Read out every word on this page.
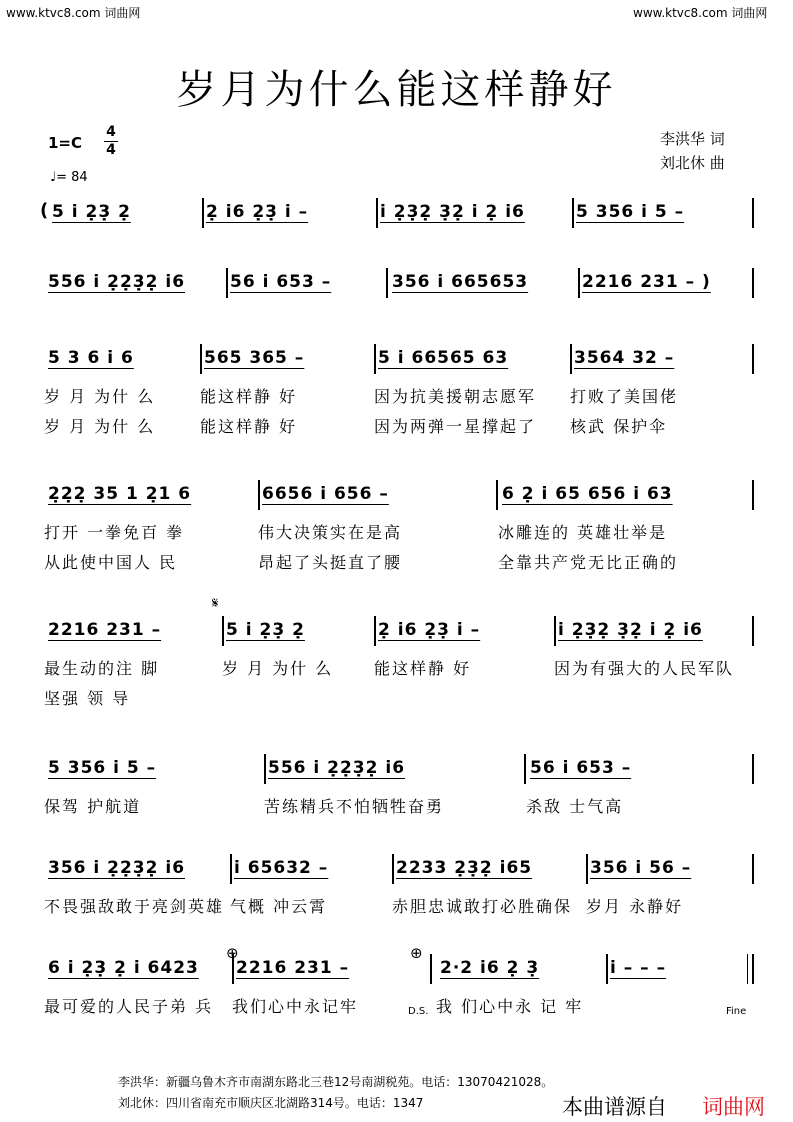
www.ktvc8.com 词曲网	www.ktvc8.com 词曲网
岁月为什么能这样静好
1=C
4
4
♩= 84
李洪华 词
刘北休 曲
( 5 i 2̣3̣ 2̣	2̣ i6 2̣3̣ i –	i 2̣3̣2̣ 3̣2̣ i 2̣ i6	5 356 i 5 –
556 i 2̣2̣3̣2̣ i6	56 i 653 –	356 i 665653	2216 231 – )
5 3 6 i 6	565 365 –	5 i 66565 63	3564 32 –
2̣2̣2̣ 35 1 2̣1 6	6656 i 656 –	6 2̣ i 65 656 i 63
2216 231 –	5 i 2̣3̣ 2̣	2̣ i6 2̣3̣ i –	i 2̣3̣2̣ 3̣2̣ i 2̣ i6
5 356 i 5 –	556 i 2̣2̣3̣2̣ i6	56 i 653 –
356 i 2̣2̣3̣2̣ i6	i 65632 –	2233 2̣3̣2̣ i65	356 i 56 –
6 i 2̣3̣ 2̣ i 6423 2216 231 –	2·2 i6 2̣ 3̣	i – – –
李洪华：新疆乌鲁木齐市南湖东路北三巷12号南湖税苑。电话：13070421028。
刘北休：四川省南充市顺庆区北湖路314号。电话：1347	本曲谱源自 词曲网
岁 月 为什 么	能这样静 好	因为抗美援朝志愿军 打败了美国佬
岁 月 为什 么	能这样静 好	因为两弹一星撑起了 核武 保护伞
打开 一拳免百 拳	伟大决策实在是高	冰雕连的 英雄壮举是
从此使中国人 民	昂起了头挺直了腰	全靠共产党无比正确的
最生动的注 脚	岁 月 为什 么	能这样静 好	因为有强大的人民军队
坚强 领 导
保驾 护航道	苦练精兵不怕牺牲奋勇	杀敌 士气高
不畏强敌敢于亮剑英雄 气概 冲云霄	赤胆忠诚敢打必胜确保 岁月 永静好
最可爱的人民子弟 兵 我们心中永记牢	我 们心中永 记 牢
𝄋
⊕	⊕
D.S.	Fine
